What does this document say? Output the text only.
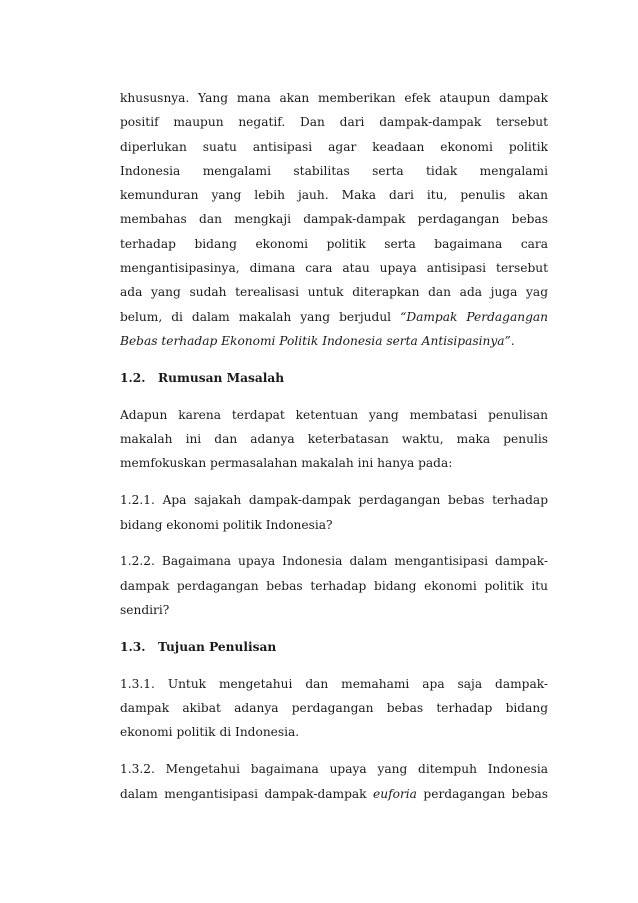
khususnya. Yang mana akan memberikan efek ataupun dampak
positif maupun negatif. Dan dari dampak-dampak tersebut
diperlukan suatu antisipasi agar keadaan ekonomi politik
Indonesia mengalami stabilitas serta tidak mengalami
kemunduran yang lebih jauh. Maka dari itu, penulis akan
membahas dan mengkaji dampak-dampak perdagangan bebas
terhadap bidang ekonomi politik serta bagaimana cara
mengantisipasinya, dimana cara atau upaya antisipasi tersebut
ada yang sudah terealisasi untuk diterapkan dan ada juga yag
belum, di dalam makalah yang berjudul “Dampak Perdagangan
Bebas terhadap Ekonomi Politik Indonesia serta Antisipasinya”.

1.2. Rumusan Masalah

Adapun karena terdapat ketentuan yang membatasi penulisan
makalah ini dan adanya keterbatasan waktu, maka penulis
memfokuskan permasalahan makalah ini hanya pada:

1.2.1. Apa sajakah dampak-dampak perdagangan bebas terhadap
bidang ekonomi politik Indonesia?

1.2.2. Bagaimana upaya Indonesia dalam mengantisipasi dampak-
dampak perdagangan bebas terhadap bidang ekonomi politik itu
sendiri?

1.3. Tujuan Penulisan

1.3.1. Untuk mengetahui dan memahami apa saja dampak-
dampak akibat adanya perdagangan bebas terhadap bidang
ekonomi politik di Indonesia.

1.3.2. Mengetahui bagaimana upaya yang ditempuh Indonesia
dalam mengantisipasi dampak-dampak euforia perdagangan bebas
